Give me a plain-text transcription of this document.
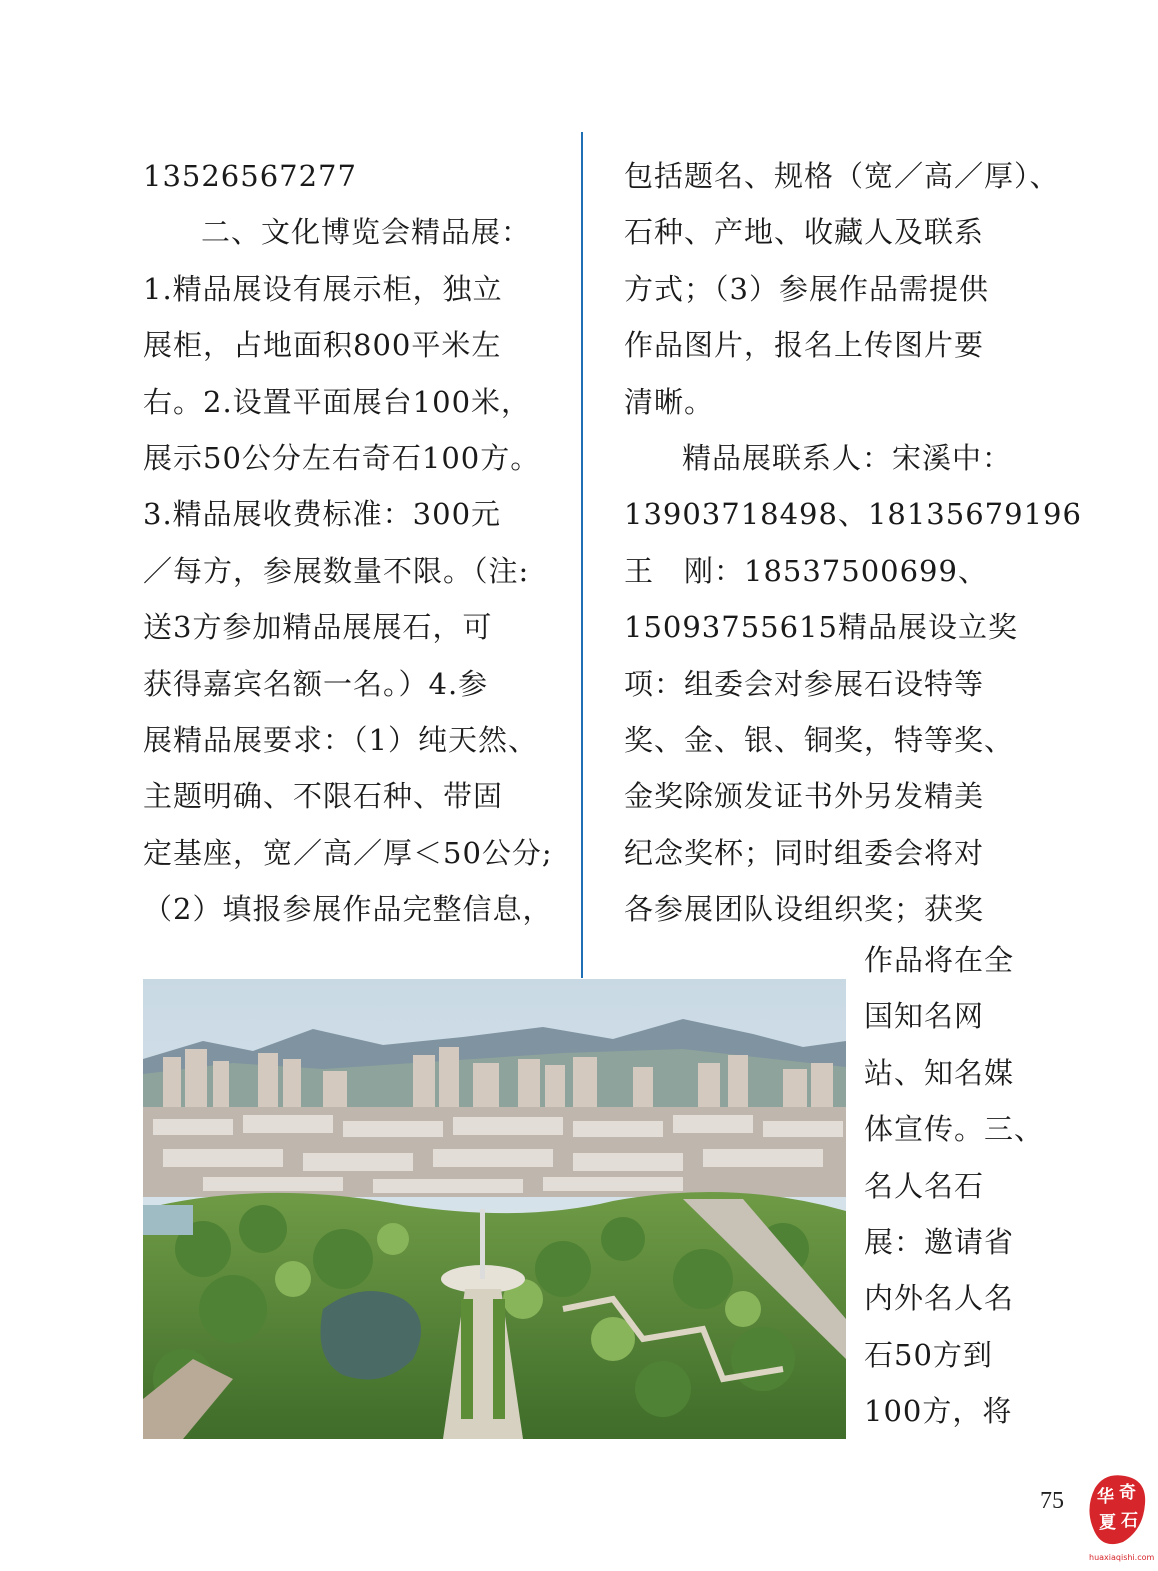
13526567277
二、文化博览会精品展：
1.精品展设有展示柜，独立
展柜，占地面积800平米左
右。2.设置平面展台100米，
展示50公分左右奇石100方。
3.精品展收费标准：300元
／每方，参展数量不限。（注:
送3方参加精品展展石，可
获得嘉宾名额一名。）4.参
展精品展要求：（1）纯天然、
主题明确、不限石种、带固
定基座，宽／高／厚＜50公分;
（2）填报参展作品完整信息，
包括题名、规格（宽／高／厚）、
石种、产地、收藏人及联系
方式；（3）参展作品需提供
作品图片，报名上传图片要
清晰。
精品展联系人：宋溪中：
13903718498、18135679196
王　刚：18537500699、
15093755615精品展设立奖
项：组委会对参展石设特等
奖、金、银、铜奖，特等奖、
金奖除颁发证书外另发精美
纪念奖杯；同时组委会将对
各参展团队设组织奖；获奖
作品将在全
国知名网
站、知名媒
体宣传。三、
名人名石
展：邀请省
内外名人名
石50方到
100方，将
75 华 奇
夏 石
huaxiaqishi.com
